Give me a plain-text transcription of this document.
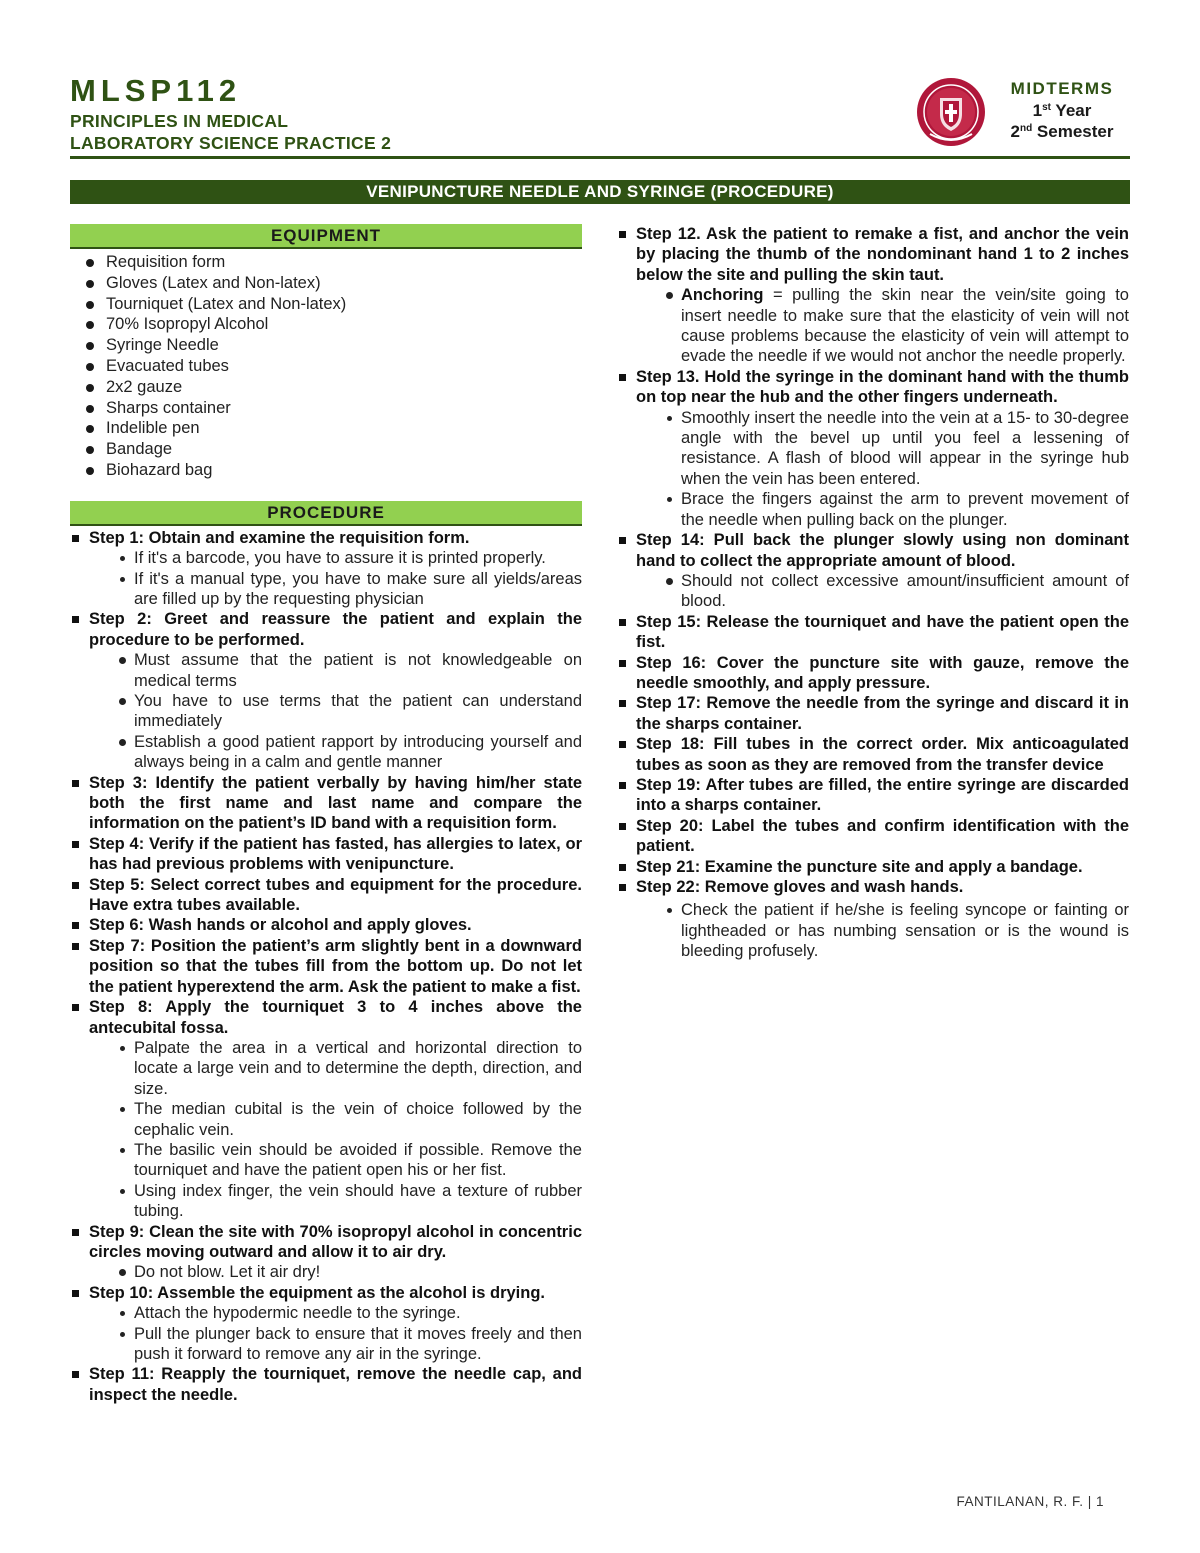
MLSP112
PRINCIPLES IN MEDICAL
LABORATORY SCIENCE PRACTICE 2
MIDTERMS
1st Year
2nd Semester
VENIPUNCTURE NEEDLE AND SYRINGE (PROCEDURE)
EQUIPMENT
Requisition form
Gloves (Latex and Non-latex)
Tourniquet (Latex and Non-latex)
70% Isopropyl Alcohol
Syringe Needle
Evacuated tubes
2x2 gauze
Sharps container
Indelible pen
Bandage
Biohazard bag
PROCEDURE
Step 1: Obtain and examine the requisition form.
If it's a barcode, you have to assure it is printed properly.
If it's a manual type, you have to make sure all yields/areas are filled up by the requesting physician
Step 2: Greet and reassure the patient and explain the procedure to be performed.
Must assume that the patient is not knowledgeable on medical terms
You have to use terms that the patient can understand immediately
Establish a good patient rapport by introducing yourself and always being in a calm and gentle manner
Step 3: Identify the patient verbally by having him/her state both the first name and last name and compare the information on the patient’s ID band with a requisition form.
Step 4: Verify if the patient has fasted, has allergies to latex, or has had previous problems with venipuncture.
Step 5: Select correct tubes and equipment for the procedure. Have extra tubes available.
Step 6: Wash hands or alcohol and apply gloves.
Step 7: Position the patient’s arm slightly bent in a downward position so that the tubes fill from the bottom up. Do not let the patient hyperextend the arm. Ask the patient to make a fist.
Step 8: Apply the tourniquet 3 to 4 inches above the antecubital fossa.
Palpate the area in a vertical and horizontal direction to locate a large vein and to determine the depth, direction, and size.
The median cubital is the vein of choice followed by the cephalic vein.
The basilic vein should be avoided if possible. Remove the tourniquet and have the patient open his or her fist.
Using index finger, the vein should have a texture of rubber tubing.
Step 9: Clean the site with 70% isopropyl alcohol in concentric circles moving outward and allow it to air dry.
Do not blow. Let it air dry!
Step 10: Assemble the equipment as the alcohol is drying.
Attach the hypodermic needle to the syringe.
Pull the plunger back to ensure that it moves freely and then push it forward to remove any air in the syringe.
Step 11: Reapply the tourniquet, remove the needle cap, and inspect the needle.
Step 12. Ask the patient to remake a fist, and anchor the vein by placing the thumb of the nondominant hand 1 to 2 inches below the site and pulling the skin taut.
Anchoring = pulling the skin near the vein/site going to insert needle to make sure that the elasticity of vein will not cause problems because the elasticity of vein will attempt to evade the needle if we would not anchor the needle properly.
Step 13. Hold the syringe in the dominant hand with the thumb on top near the hub and the other fingers underneath.
Smoothly insert the needle into the vein at a 15- to 30-degree angle with the bevel up until you feel a lessening of resistance. A flash of blood will appear in the syringe hub when the vein has been entered.
Brace the fingers against the arm to prevent movement of the needle when pulling back on the plunger.
Step 14: Pull back the plunger slowly using non dominant hand to collect the appropriate amount of blood.
Should not collect excessive amount/insufficient amount of blood.
Step 15: Release the tourniquet and have the patient open the fist.
Step 16: Cover the puncture site with gauze, remove the needle smoothly, and apply pressure.
Step 17: Remove the needle from the syringe and discard it in the sharps container.
Step 18: Fill tubes in the correct order. Mix anticoagulated tubes as soon as they are removed from the transfer device
Step 19: After tubes are filled, the entire syringe are discarded into a sharps container.
Step 20: Label the tubes and confirm identification with the patient.
Step 21: Examine the puncture site and apply a bandage.
Step 22: Remove gloves and wash hands.
Check the patient if he/she is feeling syncope or fainting or lightheaded or has numbing sensation or is the wound is bleeding profusely.
FANTILANAN, R. F. | 1
